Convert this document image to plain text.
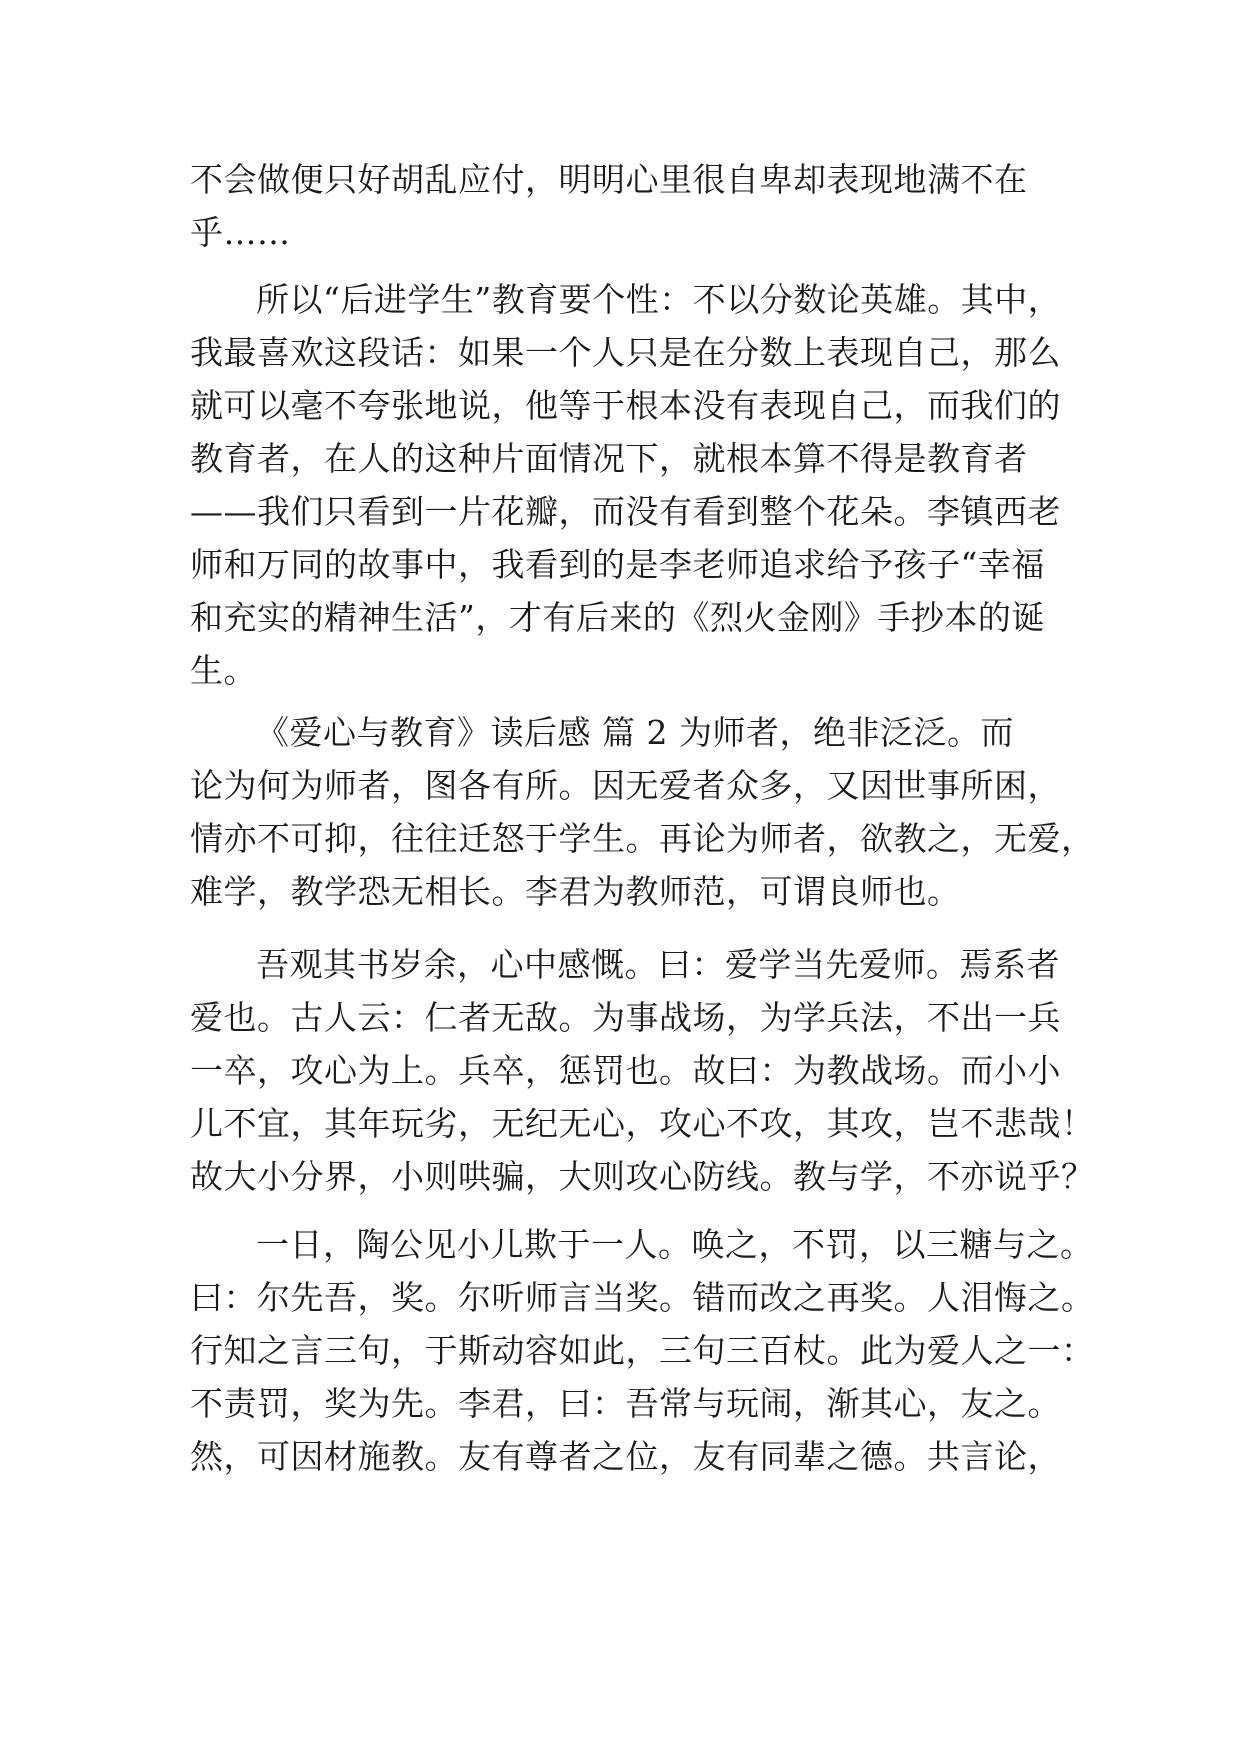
不会做便只好胡乱应付，明明心里很自卑却表现地满不在
乎……
所以“后进学生”教育要个性：不以分数论英雄。其中，
我最喜欢这段话：如果一个人只是在分数上表现自己，那么
就可以毫不夸张地说，他等于根本没有表现自己，而我们的
教育者，在人的这种片面情况下，就根本算不得是教育者
——我们只看到一片花瓣，而没有看到整个花朵。李镇西老
师和万同的故事中，我看到的是李老师追求给予孩子“幸福
和充实的精神生活”，才有后来的《烈火金刚》手抄本的诞
生。
《爱心与教育》读后感 篇 2 为师者，绝非泛泛。而
论为何为师者，图各有所。因无爱者众多，又因世事所困，
情亦不可抑，往往迁怒于学生。再论为师者，欲教之，无爱，
难学，教学恐无相长。李君为教师范，可谓良师也。
吾观其书岁余，心中感慨。曰：爱学当先爱师。焉系者
爱也。古人云：仁者无敌。为事战场，为学兵法，不出一兵
一卒，攻心为上。兵卒，惩罚也。故曰：为教战场。而小小
儿不宜，其年玩劣，无纪无心，攻心不攻，其攻，岂不悲哉！
故大小分界，小则哄骗，大则攻心防线。教与学，不亦说乎？
一日，陶公见小儿欺于一人。唤之，不罚，以三糖与之。
曰：尔先吾，奖。尔听师言当奖。错而改之再奖。人泪悔之。
行知之言三句，于斯动容如此，三句三百杖。此为爱人之一：
不责罚，奖为先。李君，曰：吾常与玩闹，渐其心，友之。
然，可因材施教。友有尊者之位，友有同辈之德。共言论，
